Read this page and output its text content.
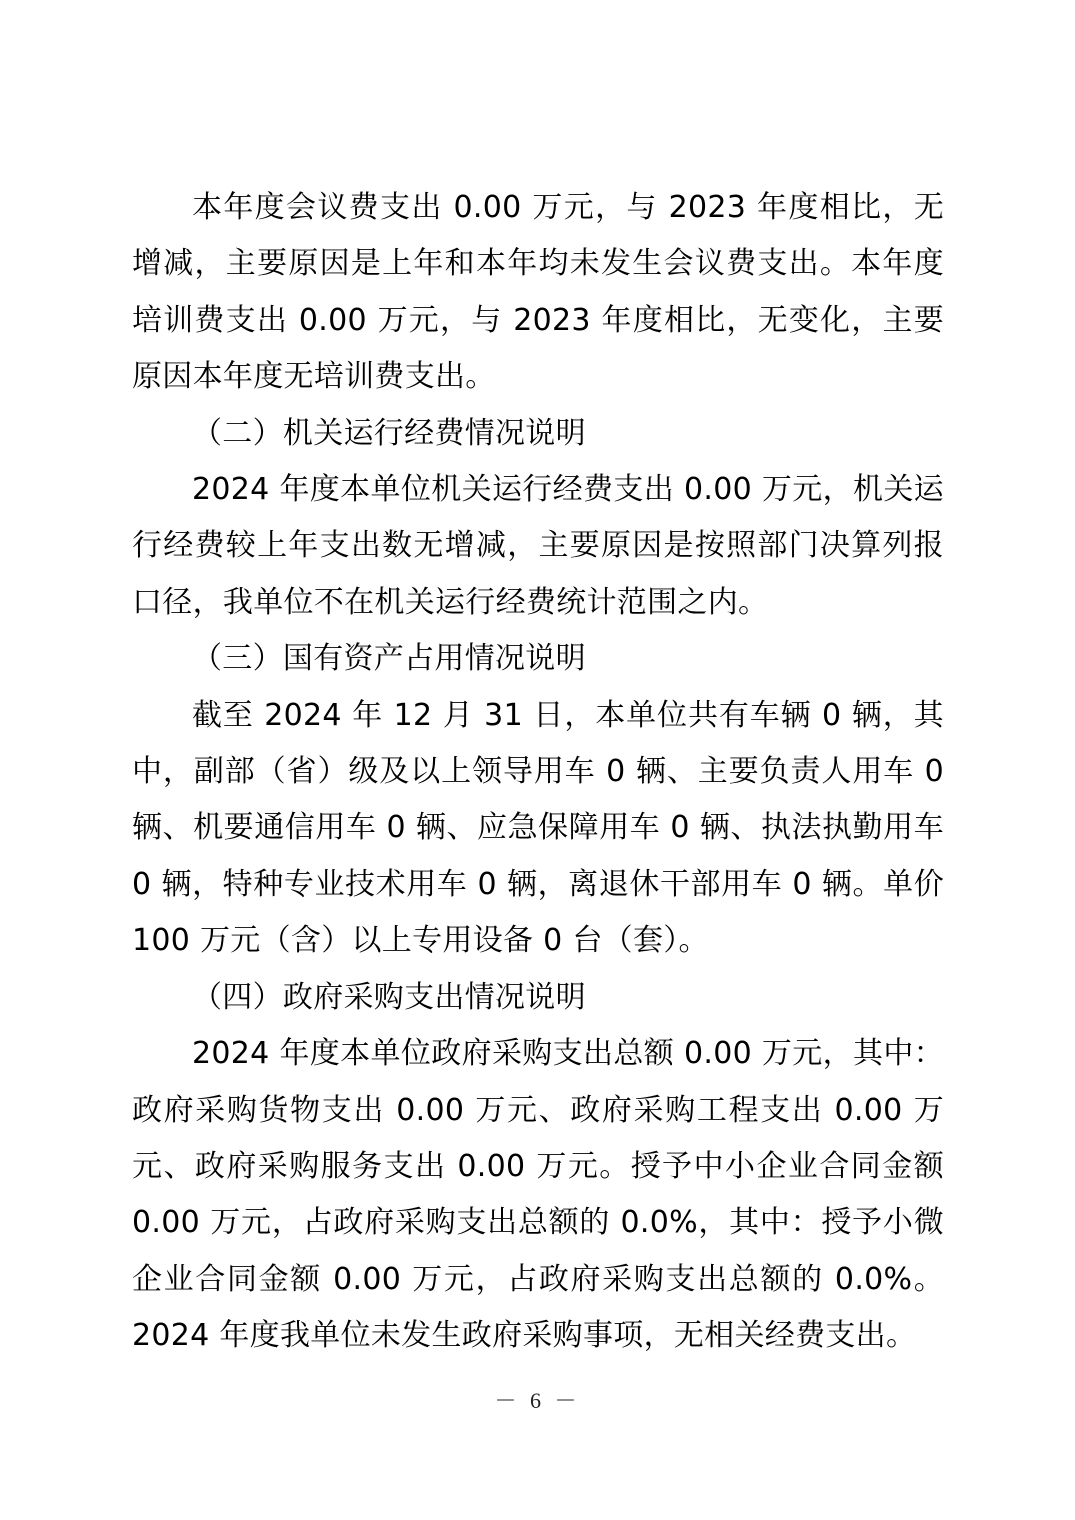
本年度会议费支出 0.00 万元，与 2023 年度相比，无增减，主要原因是上年和本年均未发生会议费支出。本年度培训费支出 0.00 万元，与 2023 年度相比，无变化，主要原因本年度无培训费支出。

（二）机关运行经费情况说明

2024 年度本单位机关运行经费支出 0.00 万元，机关运行经费较上年支出数无增减，主要原因是按照部门决算列报口径，我单位不在机关运行经费统计范围之内。

（三）国有资产占用情况说明

截至 2024 年 12 月 31 日，本单位共有车辆 0 辆，其中，副部（省）级及以上领导用车 0 辆、主要负责人用车 0 辆、机要通信用车 0 辆、应急保障用车 0 辆、执法执勤用车 0 辆，特种专业技术用车 0 辆，离退休干部用车 0 辆。单价 100 万元（含）以上专用设备 0 台（套）。

（四）政府采购支出情况说明

2024 年度本单位政府采购支出总额 0.00 万元，其中：政府采购货物支出 0.00 万元、政府采购工程支出 0.00 万元、政府采购服务支出 0.00 万元。授予中小企业合同金额 0.00 万元，占政府采购支出总额的 0.0%，其中：授予小微企业合同金额 0.00 万元，占政府采购支出总额的 0.0%。2024 年度我单位未发生政府采购事项，无相关经费支出。

－ 6 －
